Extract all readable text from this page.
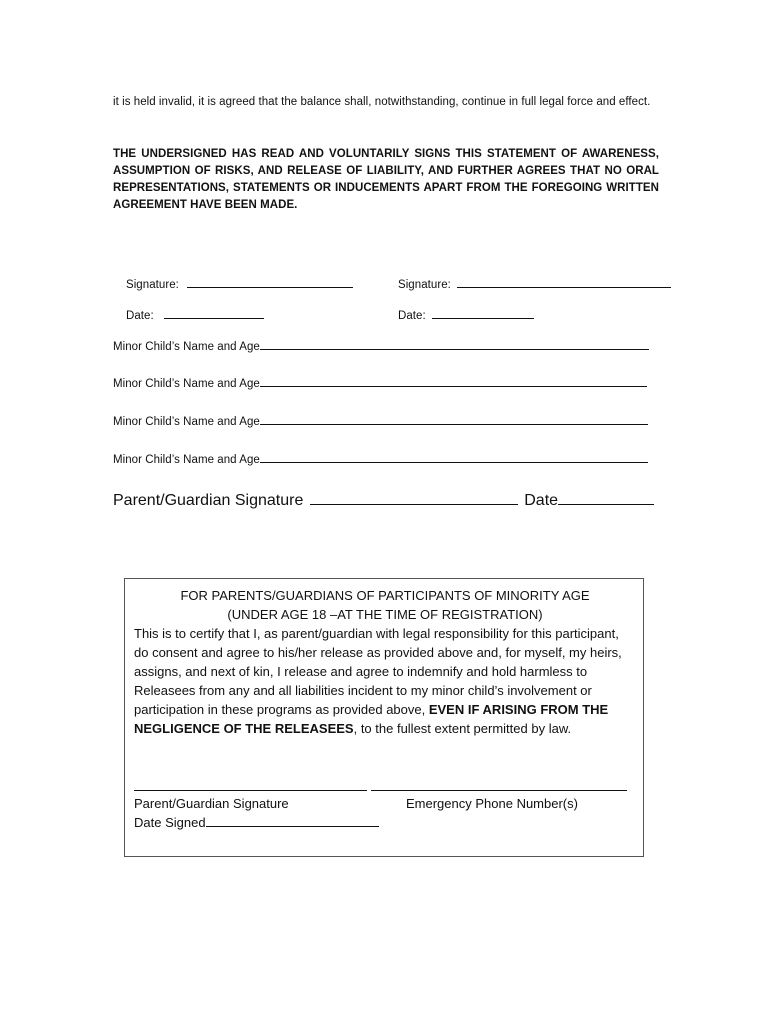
it is held invalid, it is agreed that the balance shall, notwithstanding, continue in full legal force and effect.
THE UNDERSIGNED HAS READ AND VOLUNTARILY SIGNS THIS STATEMENT OF AWARENESS, ASSUMPTION OF RISKS, AND RELEASE OF LIABILITY, AND FURTHER AGREES THAT NO ORAL REPRESENTATIONS, STATEMENTS OR INDUCEMENTS APART FROM THE FOREGOING WRITTEN AGREEMENT HAVE BEEN MADE.

Signature:
	Signature:

Date:
	Date:

Minor Child’s Name and Age
Minor Child’s Name and Age
Minor Child’s Name and Age
Minor Child’s Name and Age
Parent/Guardian Signature	Date
FOR PARENTS/GUARDIANS OF PARTICIPANTS OF MINORITY AGE
(UNDER AGE 18 –AT THE TIME OF REGISTRATION)
This is to certify that I, as parent/guardian with legal responsibility for this participant, do consent and agree to his/her release as provided above and, for myself, my heirs, assigns, and next of kin, I release and agree to indemnify and hold harmless to Releasees from any and all liabilities incident to my minor child’s involvement or participation in these programs as provided above, EVEN IF ARISING FROM THE NEGLIGENCE OF THE RELEASEES, to the fullest extent permitted by law.
Parent/Guardian Signature	Emergency Phone Number(s)
Date Signed
